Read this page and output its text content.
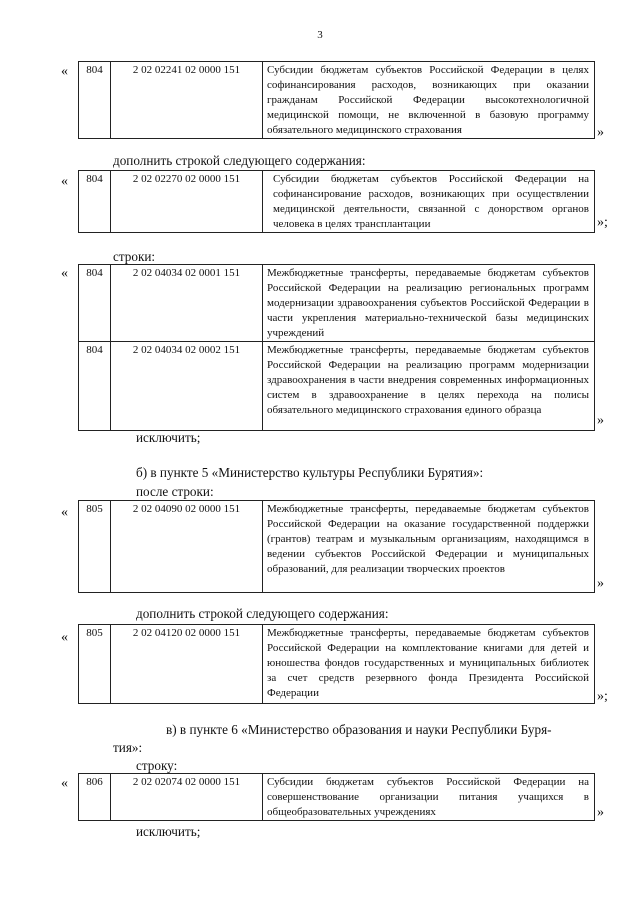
3
« 804	2 02 02241 02 0000 151	Субсидии бюджетам субъектов Российской Федерации в целях софинансирования расходов, возникающих при оказании гражданам Российской Федерации высокотехнологичной медицинской помощи, не включенной в базовую программу обязательного медицинского страхования	»
дополнить строкой следующего содержания:
« 804	2 02 02270 02 0000 151	Субсидии бюджетам субъектов Российской Федерации на софинансирование расходов, возникающих при осуществлении медицинской деятельности, связанной с донорством органов человека в целях трансплантации	»;
строки:
« 804	2 02 04034 02 0001 151	Межбюджетные трансферты, передаваемые бюджетам субъектов Российской Федерации на реализацию региональных программ модернизации здравоохранения субъектов Российской Федерации в части укрепления материально-технической базы медицинских учреждений
804	2 02 04034 02 0002 151	Межбюджетные трансферты, передаваемые бюджетам субъектов Российской Федерации на реализацию программ модернизации здравоохранения в части внедрения современных информационных систем в здравоохранение в целях перехода на полисы обязательного медицинского страхования единого образца
»
исключить;
б) в пункте 5 «Министерство культуры Республики Бурятия»:
после строки:
« 805	2 02 04090 02 0000 151	Межбюджетные трансферты, передаваемые бюджетам субъектов Российской Федерации на оказание государственной поддержки (грантов) театрам и музыкальным организациям, находящимся в ведении субъектов Российской Федерации и муниципальных образований, для реализации творческих проектов
»
дополнить строкой следующего содержания:
« 805	2 02 04120 02 0000 151	Межбюджетные трансферты, передаваемые бюджетам субъектов Российской Федерации на комплектование книгами для детей и юношества фондов государственных и муниципальных библиотек за счет средств резервного фонда Президента Российской Федерации	»;
в) в пункте 6 «Министерство образования и науки Республики Буря-
тия»:
строку:
« 806	2 02 02074 02 0000 151	Субсидии бюджетам субъектов Российской Федерации на совершенствование организации питания учащихся в общеобразовательных учреждениях	»
исключить;
